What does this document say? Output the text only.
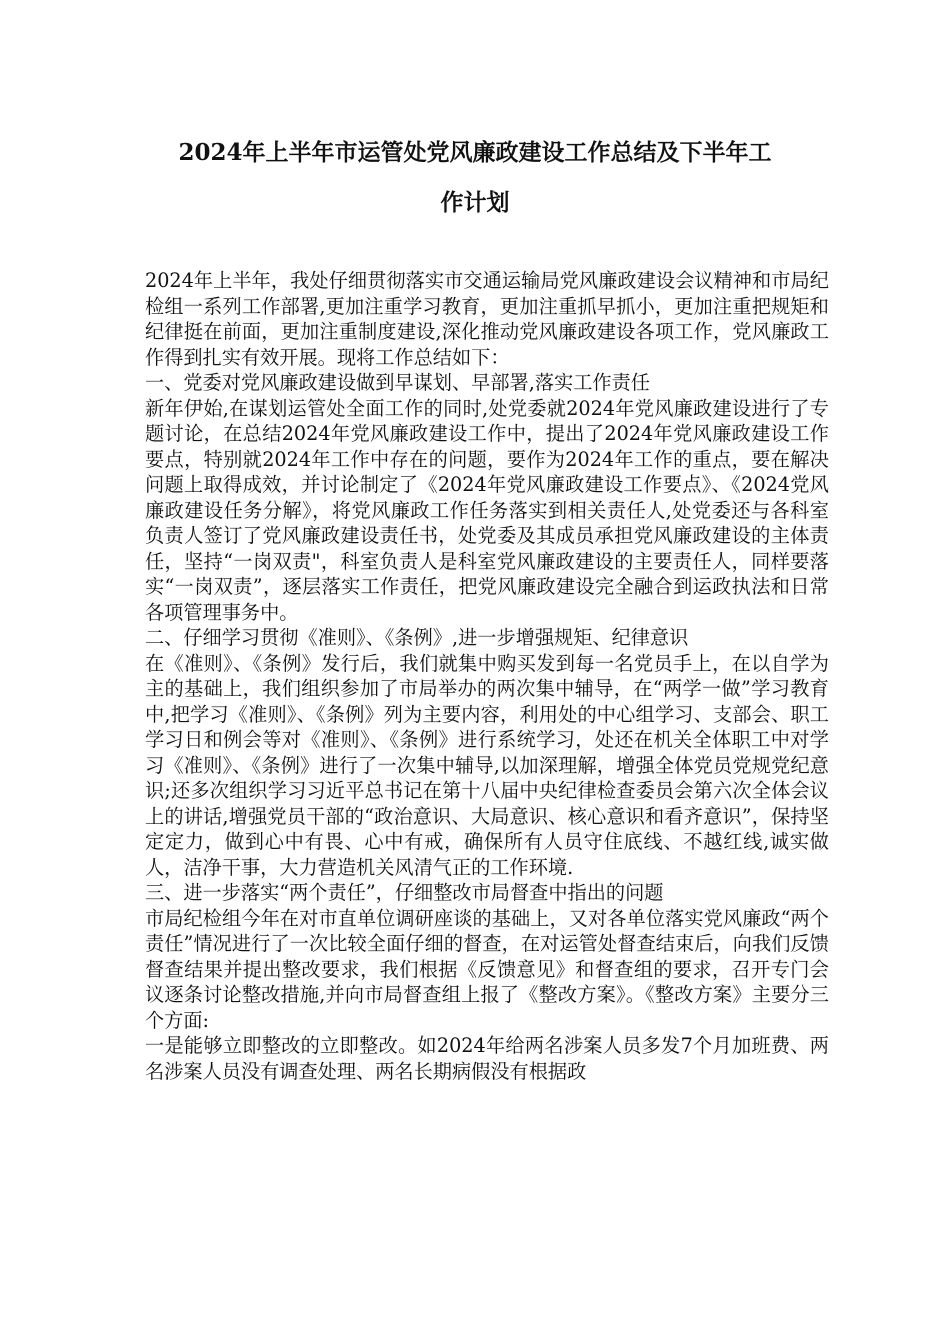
2024年上半年市运管处党风廉政建设工作总结及下半年工
作计划

2024年上半年，我处仔细贯彻落实市交通运输局党风廉政建设会议精神和市局纪检组一系列工作部署,更加注重学习教育，更加注重抓早抓小，更加注重把规矩和纪律挺在前面，更加注重制度建设,深化推动党风廉政建设各项工作，党风廉政工作得到扎实有效开展。现将工作总结如下：

一、党委对党风廉政建设做到早谋划、早部署,落实工作责任

新年伊始,在谋划运管处全面工作的同时,处党委就2024年党风廉政建设进行了专题讨论，在总结2024年党风廉政建设工作中，提出了2024年党风廉政建设工作要点，特别就2024年工作中存在的问题，要作为2024年工作的重点，要在解决问题上取得成效，并讨论制定了《2024年党风廉政建设工作要点》、《2024党风廉政建设任务分解》，将党风廉政工作任务落实到相关责任人,处党委还与各科室负责人签订了党风廉政建设责任书，处党委及其成员承担党风廉政建设的主体责任，坚持“一岗双责"，科室负责人是科室党风廉政建设的主要责任人，同样要落实“一岗双责”，逐层落实工作责任，把党风廉政建设完全融合到运政执法和日常各项管理事务中。

二、仔细学习贯彻《准则》、《条例》,进一步增强规矩、纪律意识

在《准则》、《条例》发行后，我们就集中购买发到每一名党员手上，在以自学为主的基础上，我们组织参加了市局举办的两次集中辅导，在“两学一做”学习教育中,把学习《准则》、《条例》列为主要内容，利用处的中心组学习、支部会、职工学习日和例会等对《准则》、《条例》进行系统学习，处还在机关全体职工中对学习《准则》、《条例》进行了一次集中辅导,以加深理解，增强全体党员党规党纪意识;还多次组织学习习近平总书记在第十八届中央纪律检查委员会第六次全体会议上的讲话,增强党员干部的“政治意识、大局意识、核心意识和看齐意识”，保持坚定定力，做到心中有畏、心中有戒，确保所有人员守住底线、不越红线,诚实做人，洁净干事，大力营造机关风清气正的工作环境.

三、进一步落实“两个责任”，仔细整改市局督查中指出的问题

市局纪检组今年在对市直单位调研座谈的基础上，又对各单位落实党风廉政“两个责任”情况进行了一次比较全面仔细的督查，在对运管处督查结束后，向我们反馈督查结果并提出整改要求，我们根据《反馈意见》和督查组的要求，召开专门会议逐条讨论整改措施,并向市局督查组上报了《整改方案》。《整改方案》主要分三个方面:

一是能够立即整改的立即整改。如2024年给两名涉案人员多发7个月加班费、两名涉案人员没有调查处理、两名长期病假没有根据政
